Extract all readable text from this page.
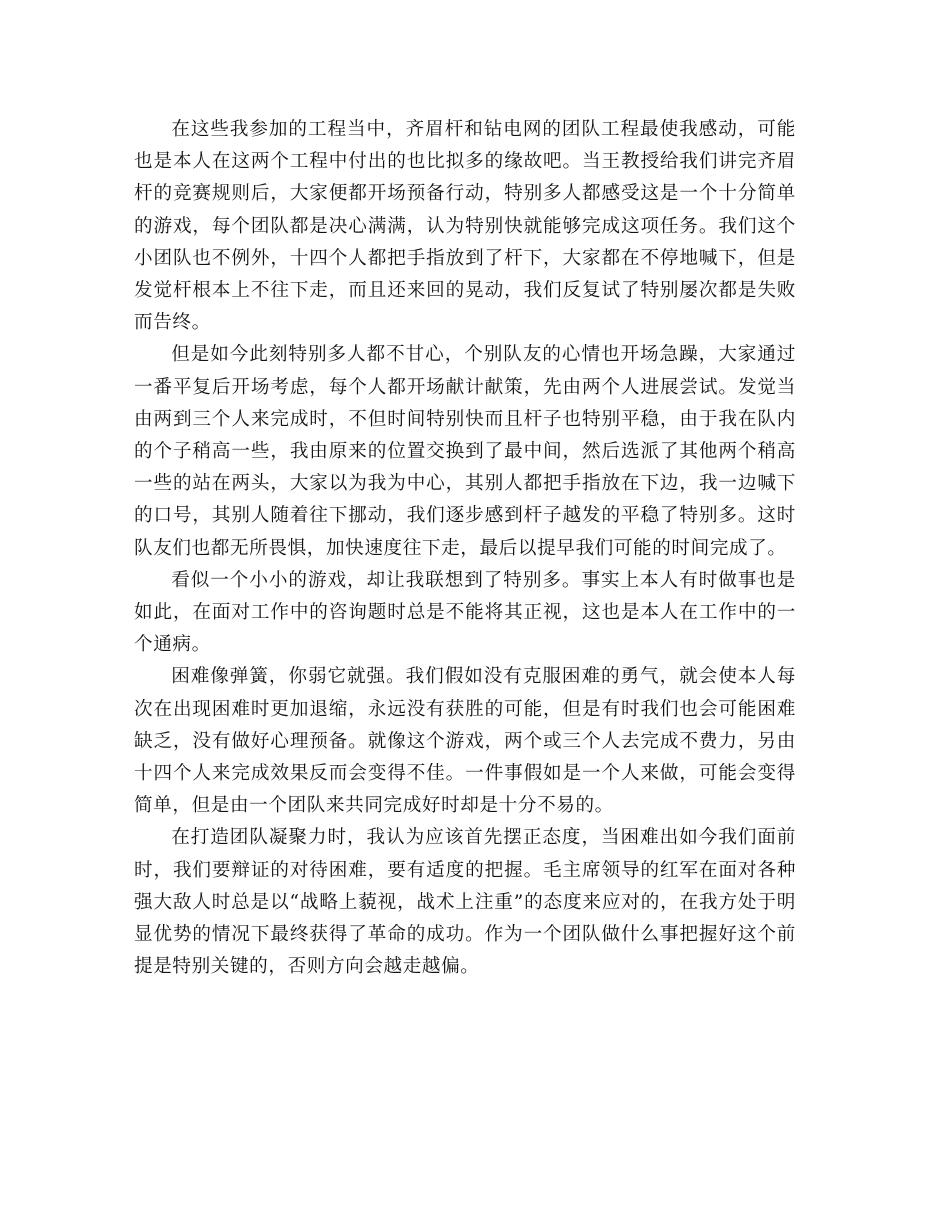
在这些我参加的工程当中，齐眉杆和钻电网的团队工程最使我感动，可能也是本人在这两个工程中付出的也比拟多的缘故吧。当王教授给我们讲完齐眉杆的竞赛规则后，大家便都开场预备行动，特别多人都感受这是一个十分简单的游戏，每个团队都是决心满满，认为特别快就能够完成这项任务。我们这个小团队也不例外，十四个人都把手指放到了杆下，大家都在不停地喊下，但是发觉杆根本上不往下走，而且还来回的晃动，我们反复试了特别屡次都是失败而告终。

但是如今此刻特别多人都不甘心，个别队友的心情也开场急躁，大家通过一番平复后开场考虑，每个人都开场献计献策，先由两个人进展尝试。发觉当由两到三个人来完成时，不但时间特别快而且杆子也特别平稳，由于我在队内的个子稍高一些，我由原来的位置交换到了最中间，然后选派了其他两个稍高一些的站在两头，大家以为我为中心，其别人都把手指放在下边，我一边喊下的口号，其别人随着往下挪动，我们逐步感到杆子越发的平稳了特别多。这时队友们也都无所畏惧，加快速度往下走，最后以提早我们可能的时间完成了。

看似一个小小的游戏，却让我联想到了特别多。事实上本人有时做事也是如此，在面对工作中的咨询题时总是不能将其正视，这也是本人在工作中的一个通病。

困难像弹簧，你弱它就强。我们假如没有克服困难的勇气，就会使本人每次在出现困难时更加退缩，永远没有获胜的可能，但是有时我们也会可能困难缺乏，没有做好心理预备。就像这个游戏，两个或三个人去完成不费力，另由十四个人来完成效果反而会变得不佳。一件事假如是一个人来做，可能会变得简单，但是由一个团队来共同完成好时却是十分不易的。

在打造团队凝聚力时，我认为应该首先摆正态度，当困难出如今我们面前时，我们要辩证的对待困难，要有适度的把握。毛主席领导的红军在面对各种强大敌人时总是以“战略上藐视，战术上注重”的态度来应对的，在我方处于明显优势的情况下最终获得了革命的成功。作为一个团队做什么事把握好这个前提是特别关键的，否则方向会越走越偏。
